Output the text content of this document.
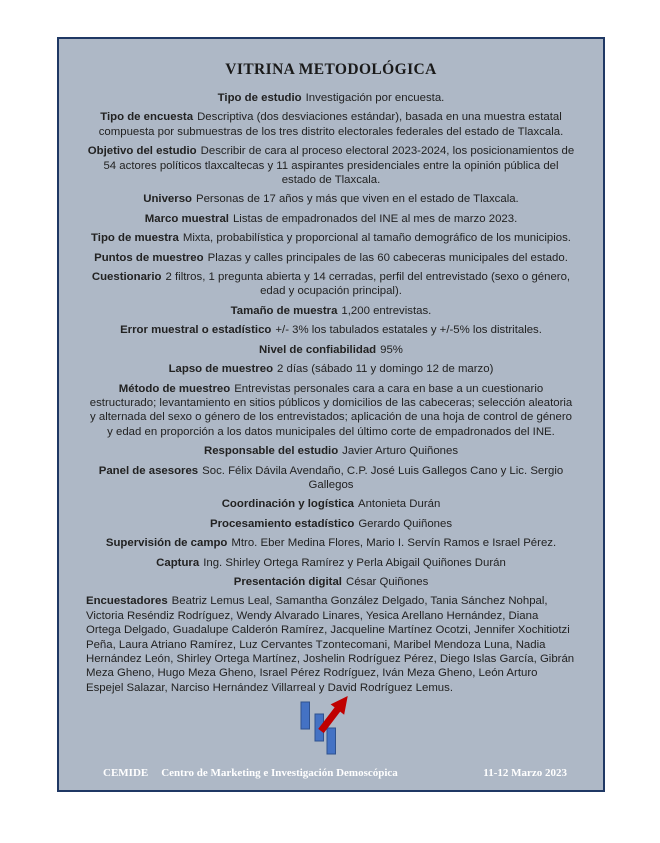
VITRINA METODOLÓGICA

Tipo de estudio Investigación por encuesta.

Tipo de encuesta Descriptiva (dos desviaciones estándar), basada en una muestra estatal compuesta por submuestras de los tres distrito electorales federales del estado de Tlaxcala.

Objetivo del estudio Describir de cara al proceso electoral 2023-2024, los posicionamientos de 54 actores políticos tlaxcaltecas y 11 aspirantes presidenciales entre la opinión pública del estado de Tlaxcala.

Universo Personas de 17 años y más que viven en el estado de Tlaxcala.

Marco muestral Listas de empadronados del INE al mes de marzo 2023.

Tipo de muestra Mixta, probabilística y proporcional al tamaño demográfico de los municipios.

Puntos de muestreo Plazas y calles principales de las 60 cabeceras municipales del estado.

Cuestionario 2 filtros, 1 pregunta abierta y 14 cerradas, perfil del entrevistado (sexo o género, edad y ocupación principal).

Tamaño de muestra 1,200 entrevistas.

Error muestral o estadístico +/- 3% los tabulados estatales y +/-5% los distritales.

Nivel de confiabilidad 95%

Lapso de muestreo 2 días (sábado 11 y domingo 12 de marzo)

Método de muestreo Entrevistas personales cara a cara en base a un cuestionario estructurado; levantamiento en sitios públicos y domicilios de las cabeceras; selección aleatoria y alternada del sexo o género de los entrevistados; aplicación de una hoja de control de género y edad en proporción a los datos municipales del último corte de empadronados del INE.

Responsable del estudio Javier Arturo Quiñones

Panel de asesores Soc. Félix Dávila Avendaño, C.P. José Luis Gallegos Cano y Lic. Sergio Gallegos

Coordinación y logística Antonieta Durán

Procesamiento estadístico Gerardo Quiñones

Supervisión de campo Mtro. Eber Medina Flores, Mario I. Servín Ramos e Israel Pérez.

Captura Ing. Shirley Ortega Ramírez y Perla Abigail Quiñones Durán

Presentación digital César Quiñones

Encuestadores Beatriz Lemus Leal, Samantha González Delgado, Tania Sánchez Nohpal, Victoria Reséndiz Rodríguez, Wendy Alvarado Linares, Yesica Arellano Hernández, Diana Ortega Delgado, Guadalupe Calderón Ramírez, Jacqueline Martínez Ocotzi, Jennifer Xochitiotzi Peña, Laura Atriano Ramírez, Luz Cervantes Tzontecomani, Maribel Mendoza Luna, Nadia Hernández León, Shirley Ortega Martínez, Joshelin Rodríguez Pérez, Diego Islas García, Gibrán Meza Gheno, Hugo Meza Gheno, Israel Pérez Rodríguez, Iván Meza Gheno, León Arturo Espejel Salazar, Narciso Hernández Villarreal y David Rodríguez Lemus.

CEMIDE Centro de Marketing e Investigación Demoscópica	11-12 Marzo 2023
